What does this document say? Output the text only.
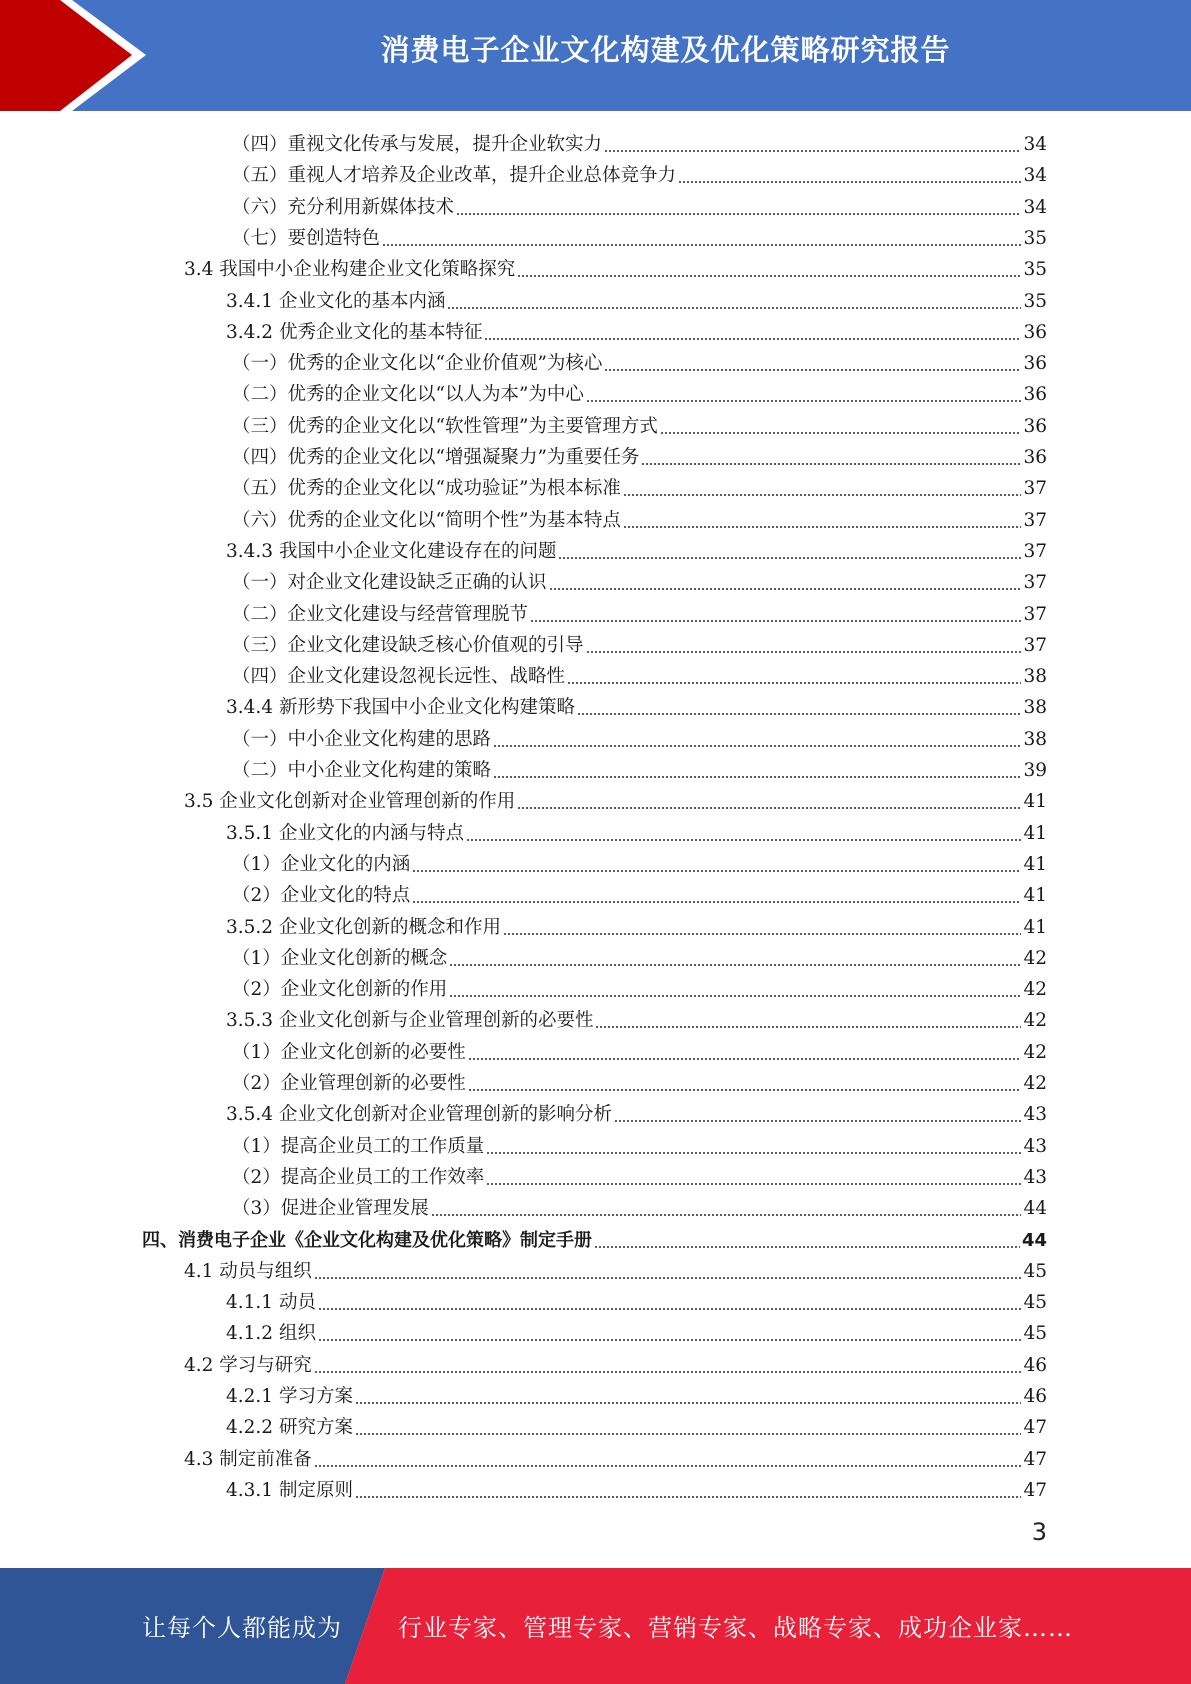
消费电子企业文化构建及优化策略研究报告
（四）重视文化传承与发展，提升企业软实力	34
（五）重视人才培养及企业改革，提升企业总体竞争力	34
（六）充分利用新媒体技术	34
（七）要创造特色	35
3.4 我国中小企业构建企业文化策略探究	35
3.4.1 企业文化的基本内涵	35
3.4.2 优秀企业文化的基本特征	36
（一）优秀的企业文化以“企业价值观”为核心	36
（二）优秀的企业文化以“以人为本”为中心	36
（三）优秀的企业文化以“软性管理”为主要管理方式	36
（四）优秀的企业文化以“增强凝聚力”为重要任务	36
（五）优秀的企业文化以“成功验证”为根本标准	37
（六）优秀的企业文化以“简明个性”为基本特点	37
3.4.3 我国中小企业文化建设存在的问题	37
（一）对企业文化建设缺乏正确的认识	37
（二）企业文化建设与经营管理脱节	37
（三）企业文化建设缺乏核心价值观的引导	37
（四）企业文化建设忽视长远性、战略性	38
3.4.4 新形势下我国中小企业文化构建策略	38
（一）中小企业文化构建的思路	38
（二）中小企业文化构建的策略	39
3.5 企业文化创新对企业管理创新的作用	41
3.5.1 企业文化的内涵与特点	41
（1）企业文化的内涵	41
（2）企业文化的特点	41
3.5.2 企业文化创新的概念和作用	41
（1）企业文化创新的概念	42
（2）企业文化创新的作用	42
3.5.3 企业文化创新与企业管理创新的必要性	42
（1）企业文化创新的必要性	42
（2）企业管理创新的必要性	42
3.5.4 企业文化创新对企业管理创新的影响分析	43
（1）提高企业员工的工作质量	43
（2）提高企业员工的工作效率	43
（3）促进企业管理发展	44
四、消费电子企业《企业文化构建及优化策略》制定手册	44
4.1 动员与组织	45
4.1.1 动员	45
4.1.2 组织	45
4.2 学习与研究	46
4.2.1 学习方案	46
4.2.2 研究方案	47
4.3 制定前准备	47
4.3.1 制定原则	47
3
让每个人都能成为 行业专家、管理专家、营销专家、战略专家、成功企业家……
